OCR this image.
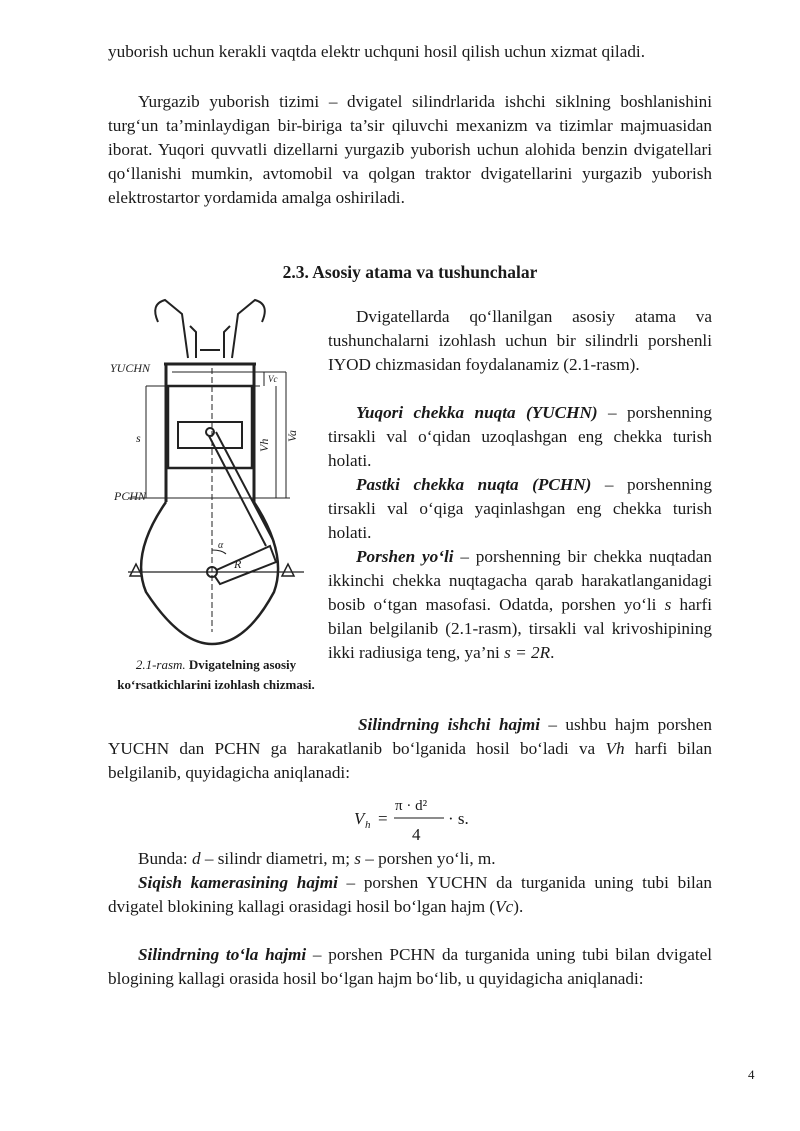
yuborish uchun kerakli vaqtda elektr uchquni hosil qilish uchun xizmat qiladi.

Yurgazib yuborish tizimi – dvigatel silindrlarida ishchi siklning boshlanishini turg‘un ta’minlaydigan bir-biriga ta’sir qiluvchi mexanizm va tizimlar majmuasidan iborat. Yuqori quvvatli dizellarni yurgazib yuborish uchun alohida benzin dvigatellari qo‘llanishi mumkin, avtomobil va qolgan traktor dvigatellarini yurgazib yuborish elektrostartor yordamida amalga oshiriladi.

2.3. Asosiy atama va tushunchalar
YUCHN
PCHN
s
Vh
Va
Vc
R
α

2.1-rasm. Dvigatelning asosiy ko‘rsatkichlarini izohlash chizmasi.

Dvigatellarda qo‘llanilgan asosiy atama va tushunchalarni izohlash uchun bir silindrli porshenli IYOD chizmasidan foydalanamiz (2.1-rasm).

Yuqori chekka nuqta (YUCHN) – porshenning tirsakli val o‘qidan uzoqlashgan eng chekka turish holati.

Pastki chekka nuqta (PCHN) – porshenning tirsakli val o‘qiga yaqinlashgan eng chekka turish holati.

Porshen yo‘li – porshenning bir chekka nuqtadan ikkinchi chekka nuqtagacha qarab harakatlanganidagi bosib o‘tgan masofasi. Odatda, porshen yo‘li s harfi bilan belgilanib (2.1-rasm), tirsakli val krivoshipining ikki radiusiga teng, ya’ni s = 2R.

Silindrning ishchi hajmi – ushbu hajm porshen YUCHN dan PCHN ga harakatlanib bo‘lganida hosil bo‘ladi va Vh harfi bilan belgilanib, quyidagicha aniqlanadi:

V h =
π · d²
4
· s.

Bunda: d – silindr diametri, m; s – porshen yo‘li, m.

Siqish kamerasining hajmi – porshen YUCHN da turganida uning tubi bilan dvigatel blokining kallagi orasidagi hosil bo‘lgan hajm (Vc).

Silindrning to‘la hajmi – porshen PCHN da turganida uning tubi bilan dvigatel blogining kallagi orasida hosil bo‘lgan hajm bo‘lib, u quyidagicha aniqlanadi:

4
